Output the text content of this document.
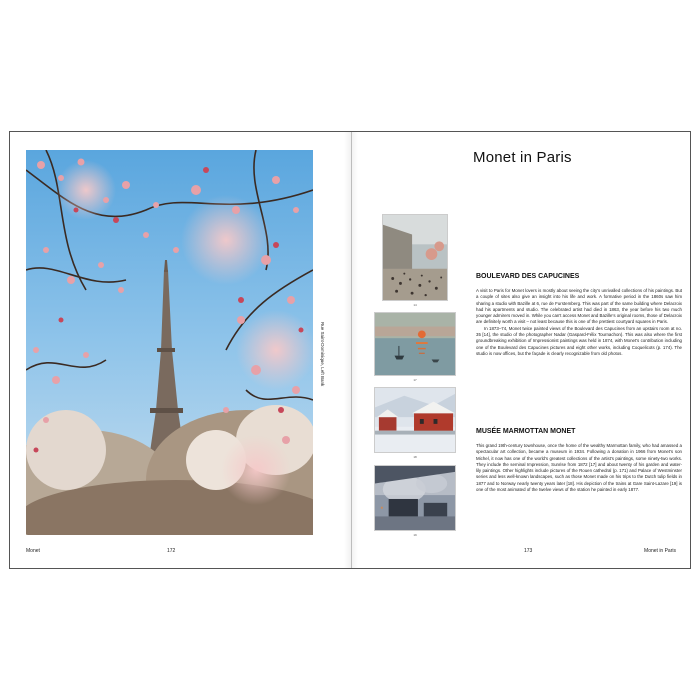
Rue Saint-Dominique, Left Bank
Monet	172
Monet in Paris
14
17
18
19
BOULEVARD DES CAPUCINES

A visit to Paris for Monet lovers is mostly about seeing the city's unrivalled collections of his paintings. But a couple of sites also give an insight into his life and work. A formative period in the 1860s saw him sharing a studio with Bazille at 6, rue de Furstemberg. This was part of the same building where Delacroix had his apartments and studio. The celebrated artist had died in 1863, the year before his two much younger admirers moved in. While you can't access Monet and Bazille's original rooms, those of Delacroix are definitely worth a visit – not least because this is one of the prettiest courtyard squares in Paris.

In 1873–74, Monet twice painted views of the Boulevard des Capucines from an upstairs room at no. 35 [14], the studio of the photographer Nadar (Gaspard-Félix Tournachon). This was also where the first groundbreaking exhibition of Impressionist paintings was held in 1874, with Monet's contribution including one of the Boulevard des Capucines pictures and eight other works, including Coquelicots (p. 174). The studio is now offices, but the façade is clearly recognizable from old photos.

MUSÉE MARMOTTAN MONET

This grand 19th-century townhouse, once the home of the wealthy Marmottan family, who had amassed a spectacular art collection, became a museum in 1934. Following a donation in 1966 from Monet's son Michel, it now has one of the world's greatest collections of the artist's paintings, some ninety-two works. They include the seminal Impression, Sunrise from 1872 [17] and about twenty of his garden and water-lily paintings. Other highlights include pictures of the Rouen cathedral (p. 171) and Palace of Westminster series and less well-known landscapes, such as those Monet made on his trips to the Dutch tulip fields in 1877 and to Norway nearly twenty years later [18]. His depiction of the trains at Gare Saint-Lazare [19] is one of the most animated of the twelve views of the station he painted in early 1877.

173	Monet in Paris
